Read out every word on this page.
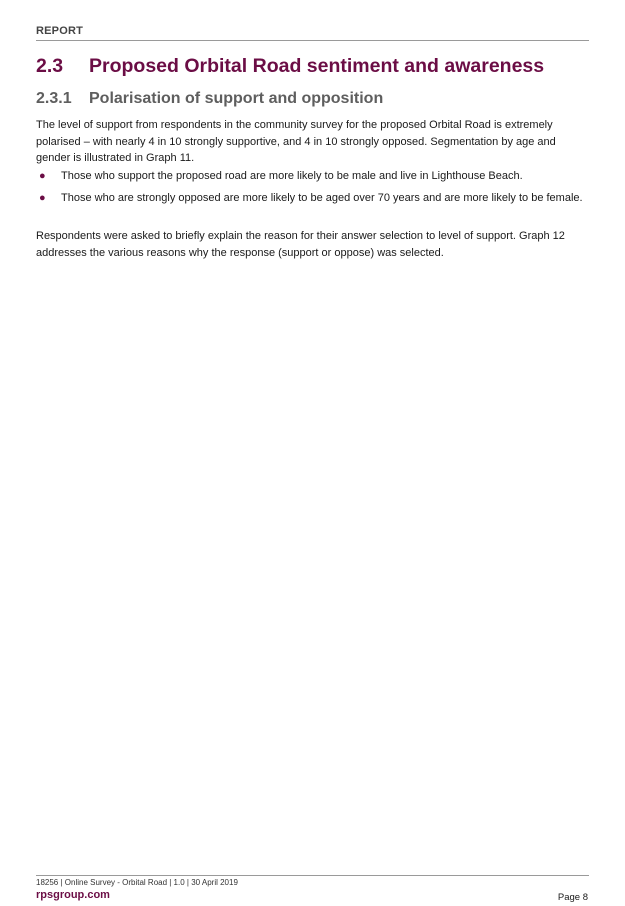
REPORT
2.3 Proposed Orbital Road sentiment and awareness
2.3.1 Polarisation of support and opposition
The level of support from respondents in the community survey for the proposed Orbital Road is extremely polarised – with nearly 4 in 10 strongly supportive, and 4 in 10 strongly opposed. Segmentation by age and gender is illustrated in Graph 11.
● Those who support the proposed road are more likely to be male and live in Lighthouse Beach.
● Those who are strongly opposed are more likely to be aged over 70 years and are more likely to be female.
Respondents were asked to briefly explain the reason for their answer selection to level of support. Graph 12 addresses the various reasons why the response (support or oppose) was selected.
18256 | Online Survey - Orbital Road | 1.0 | 30 April 2019
rpsgroup.com	Page 8
